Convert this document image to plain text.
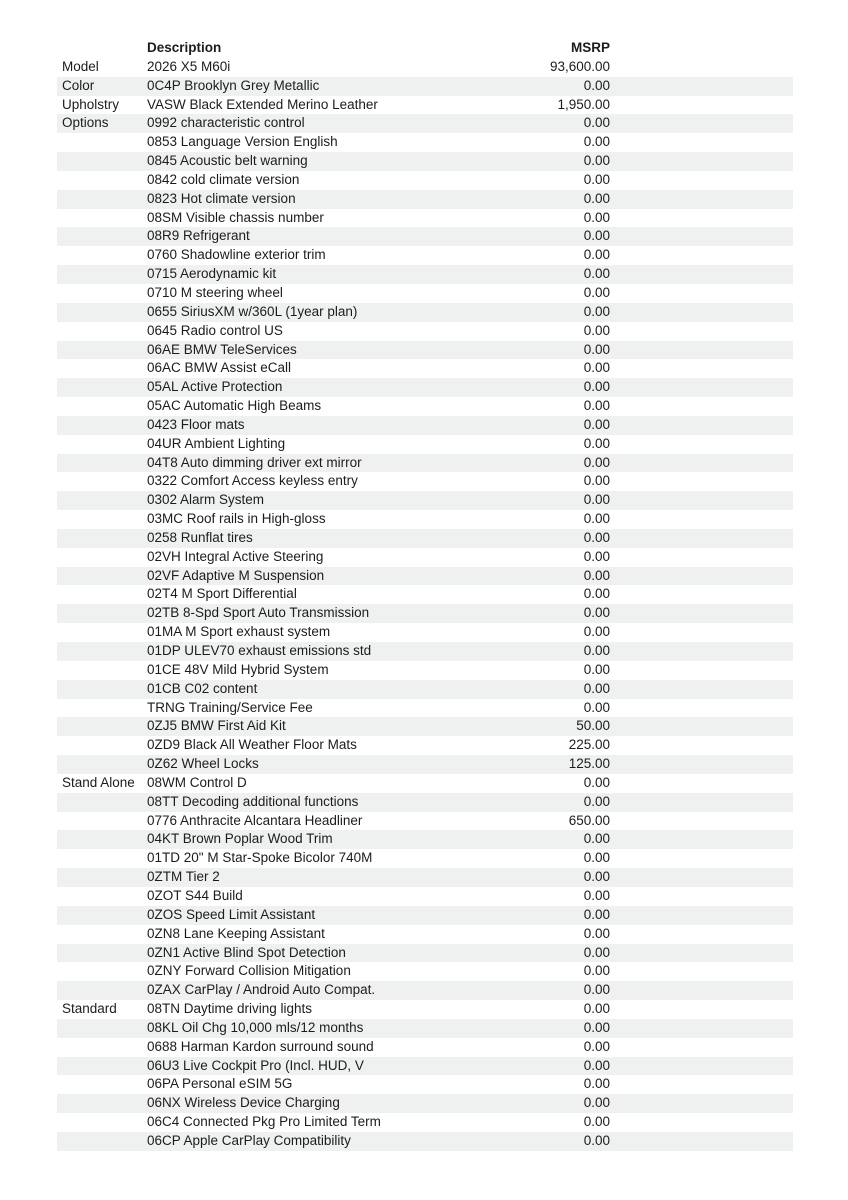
Description	MSRP
Model	2026 X5 M60i	93,600.00
Color	0C4P Brooklyn Grey Metallic	0.00
Upholstry	VASW Black Extended Merino Leather	1,950.00
Options	0992 characteristic control	0.00
0853 Language Version English	0.00
0845 Acoustic belt warning	0.00
0842 cold climate version	0.00
0823 Hot climate version	0.00
08SM Visible chassis number	0.00
08R9 Refrigerant	0.00
0760 Shadowline exterior trim	0.00
0715 Aerodynamic kit	0.00
0710 M steering wheel	0.00
0655 SiriusXM w/360L (1year plan)	0.00
0645 Radio control US	0.00
06AE BMW TeleServices	0.00
06AC BMW Assist eCall	0.00
05AL Active Protection	0.00
05AC Automatic High Beams	0.00
0423 Floor mats	0.00
04UR Ambient Lighting	0.00
04T8 Auto dimming driver ext mirror	0.00
0322 Comfort Access keyless entry	0.00
0302 Alarm System	0.00
03MC Roof rails in High-gloss	0.00
0258 Runflat tires	0.00
02VH Integral Active Steering	0.00
02VF Adaptive M Suspension	0.00
02T4 M Sport Differential	0.00
02TB 8-Spd Sport Auto Transmission	0.00
01MA M Sport exhaust system	0.00
01DP ULEV70 exhaust emissions std	0.00
01CE 48V Mild Hybrid System	0.00
01CB C02 content	0.00
TRNG Training/Service Fee	0.00
0ZJ5 BMW First Aid Kit	50.00
0ZD9 Black All Weather Floor Mats	225.00
0Z62 Wheel Locks	125.00
Stand Alone 08WM Control D	0.00
08TT Decoding additional functions	0.00
0776 Anthracite Alcantara Headliner	650.00
04KT Brown Poplar Wood Trim	0.00
01TD 20" M Star-Spoke Bicolor 740M	0.00
0ZTM Tier 2	0.00
0ZOT S44 Build	0.00
0ZOS Speed Limit Assistant	0.00
0ZN8 Lane Keeping Assistant	0.00
0ZN1 Active Blind Spot Detection	0.00
0ZNY Forward Collision Mitigation	0.00
0ZAX CarPlay / Android Auto Compat.	0.00
Standard	08TN Daytime driving lights	0.00
08KL Oil Chg 10,000 mls/12 months	0.00
0688 Harman Kardon surround sound	0.00
06U3 Live Cockpit Pro (Incl. HUD, V	0.00
06PA Personal eSIM 5G	0.00
06NX Wireless Device Charging	0.00
06C4 Connected Pkg Pro Limited Term	0.00
06CP Apple CarPlay Compatibility	0.00
